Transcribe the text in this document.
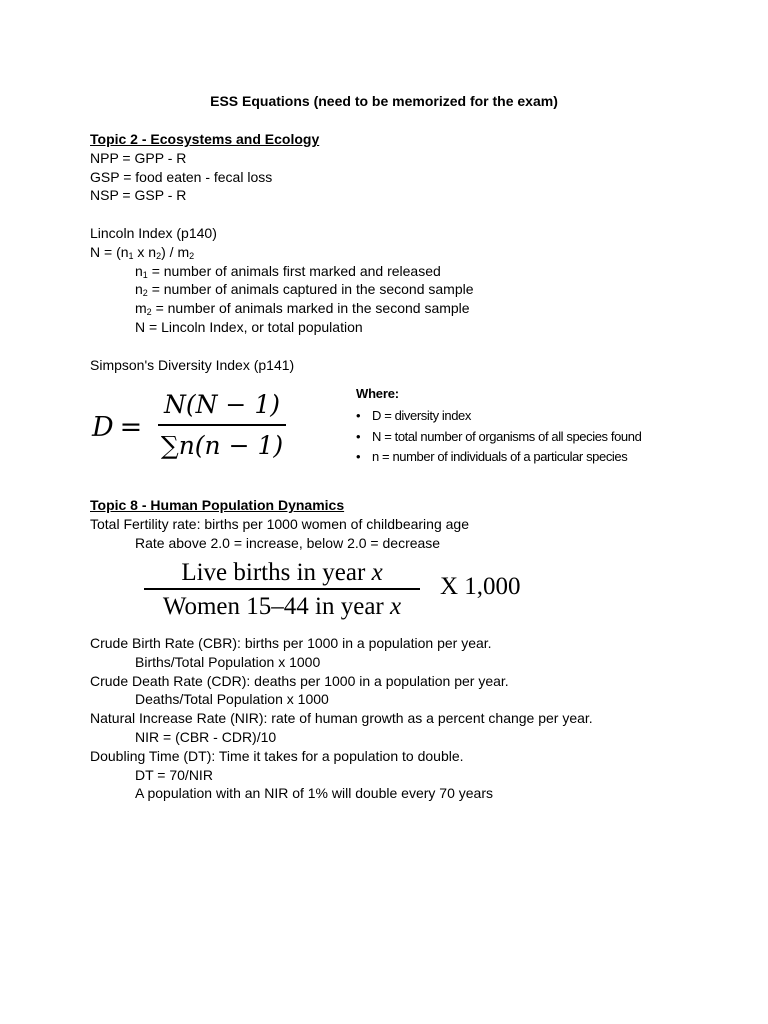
ESS Equations (need to be memorized for the exam)
Topic 2 - Ecosystems and Ecology
NPP = GPP - R
GSP = food eaten - fecal loss
NSP = GSP - R
Lincoln Index (p140)
$N = (n_1$ x $n_2) / m_2$
$n_1$ = number of animals first marked and released
$n_2$ = number of animals captured in the second sample
$m_2$ = number of animals marked in the second sample
N = Lincoln Index, or total population
Simpson's Diversity Index (p141)
D =
N(N − 1)
∑n(n − 1)
Where:
• D = diversity index
• N = total number of organisms of all species found
• n = number of individuals of a particular species
Topic 8 - Human Population Dynamics
Total Fertility rate: births per 1000 women of childbearing age
Rate above 2.0 = increase, below 2.0 = decrease
Live births in year x
Women 15–44 in year x
X 1,000
Crude Birth Rate (CBR): births per 1000 in a population per year.
Births/Total Population x 1000
Crude Death Rate (CDR): deaths per 1000 in a population per year.
Deaths/Total Population x 1000
Natural Increase Rate (NIR): rate of human growth as a percent change per year.
NIR = (CBR - CDR)/10
Doubling Time (DT): Time it takes for a population to double.
DT = 70/NIR
A population with an NIR of 1% will double every 70 years
